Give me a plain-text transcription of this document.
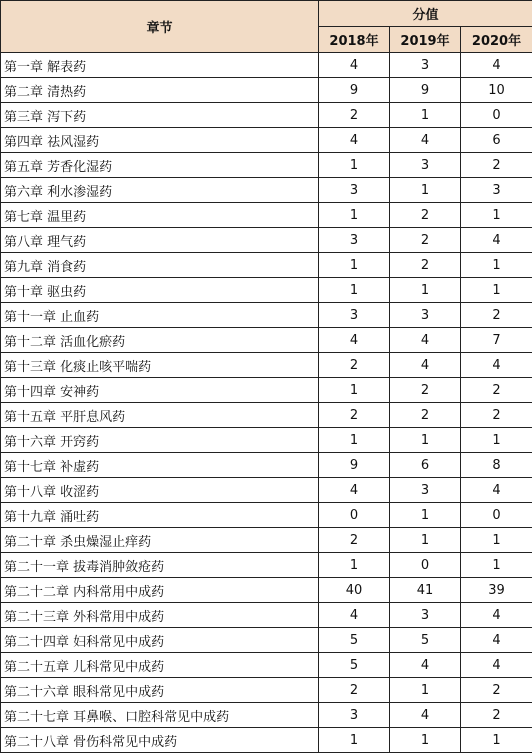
章节	分值		
	2018年	2019年	2020年
第一章 解表药	4	3	4
第二章 清热药	9	9	10
第三章 泻下药	2	1	0
第四章 祛风湿药	4	4	6
第五章 芳香化湿药	1	3	2
第六章 利水渗湿药	3	1	3
第七章 温里药	1	2	1
第八章 理气药	3	2	4
第九章 消食药	1	2	1
第十章 驱虫药	1	1	1
第十一章 止血药	3	3	2
第十二章 活血化瘀药	4	4	7
第十三章 化痰止咳平喘药	2	4	4
第十四章 安神药	1	2	2
第十五章 平肝息风药	2	2	2
第十六章 开窍药	1	1	1
第十七章 补虚药	9	6	8
第十八章 收涩药	4	3	4
第十九章 涌吐药	0	1	0
第二十章 杀虫燥湿止痒药	2	1	1
第二十一章 拔毒消肿敛疮药	1	0	1
第二十二章 内科常用中成药	40	41	39
第二十三章 外科常用中成药	4	3	4
第二十四章 妇科常见中成药	5	5	4
第二十五章 儿科常见中成药	5	4	4
第二十六章 眼科常见中成药	2	1	2
第二十七章 耳鼻喉、口腔科常见中成药	3	4	2
第二十八章 骨伤科常见中成药	1	1	1
